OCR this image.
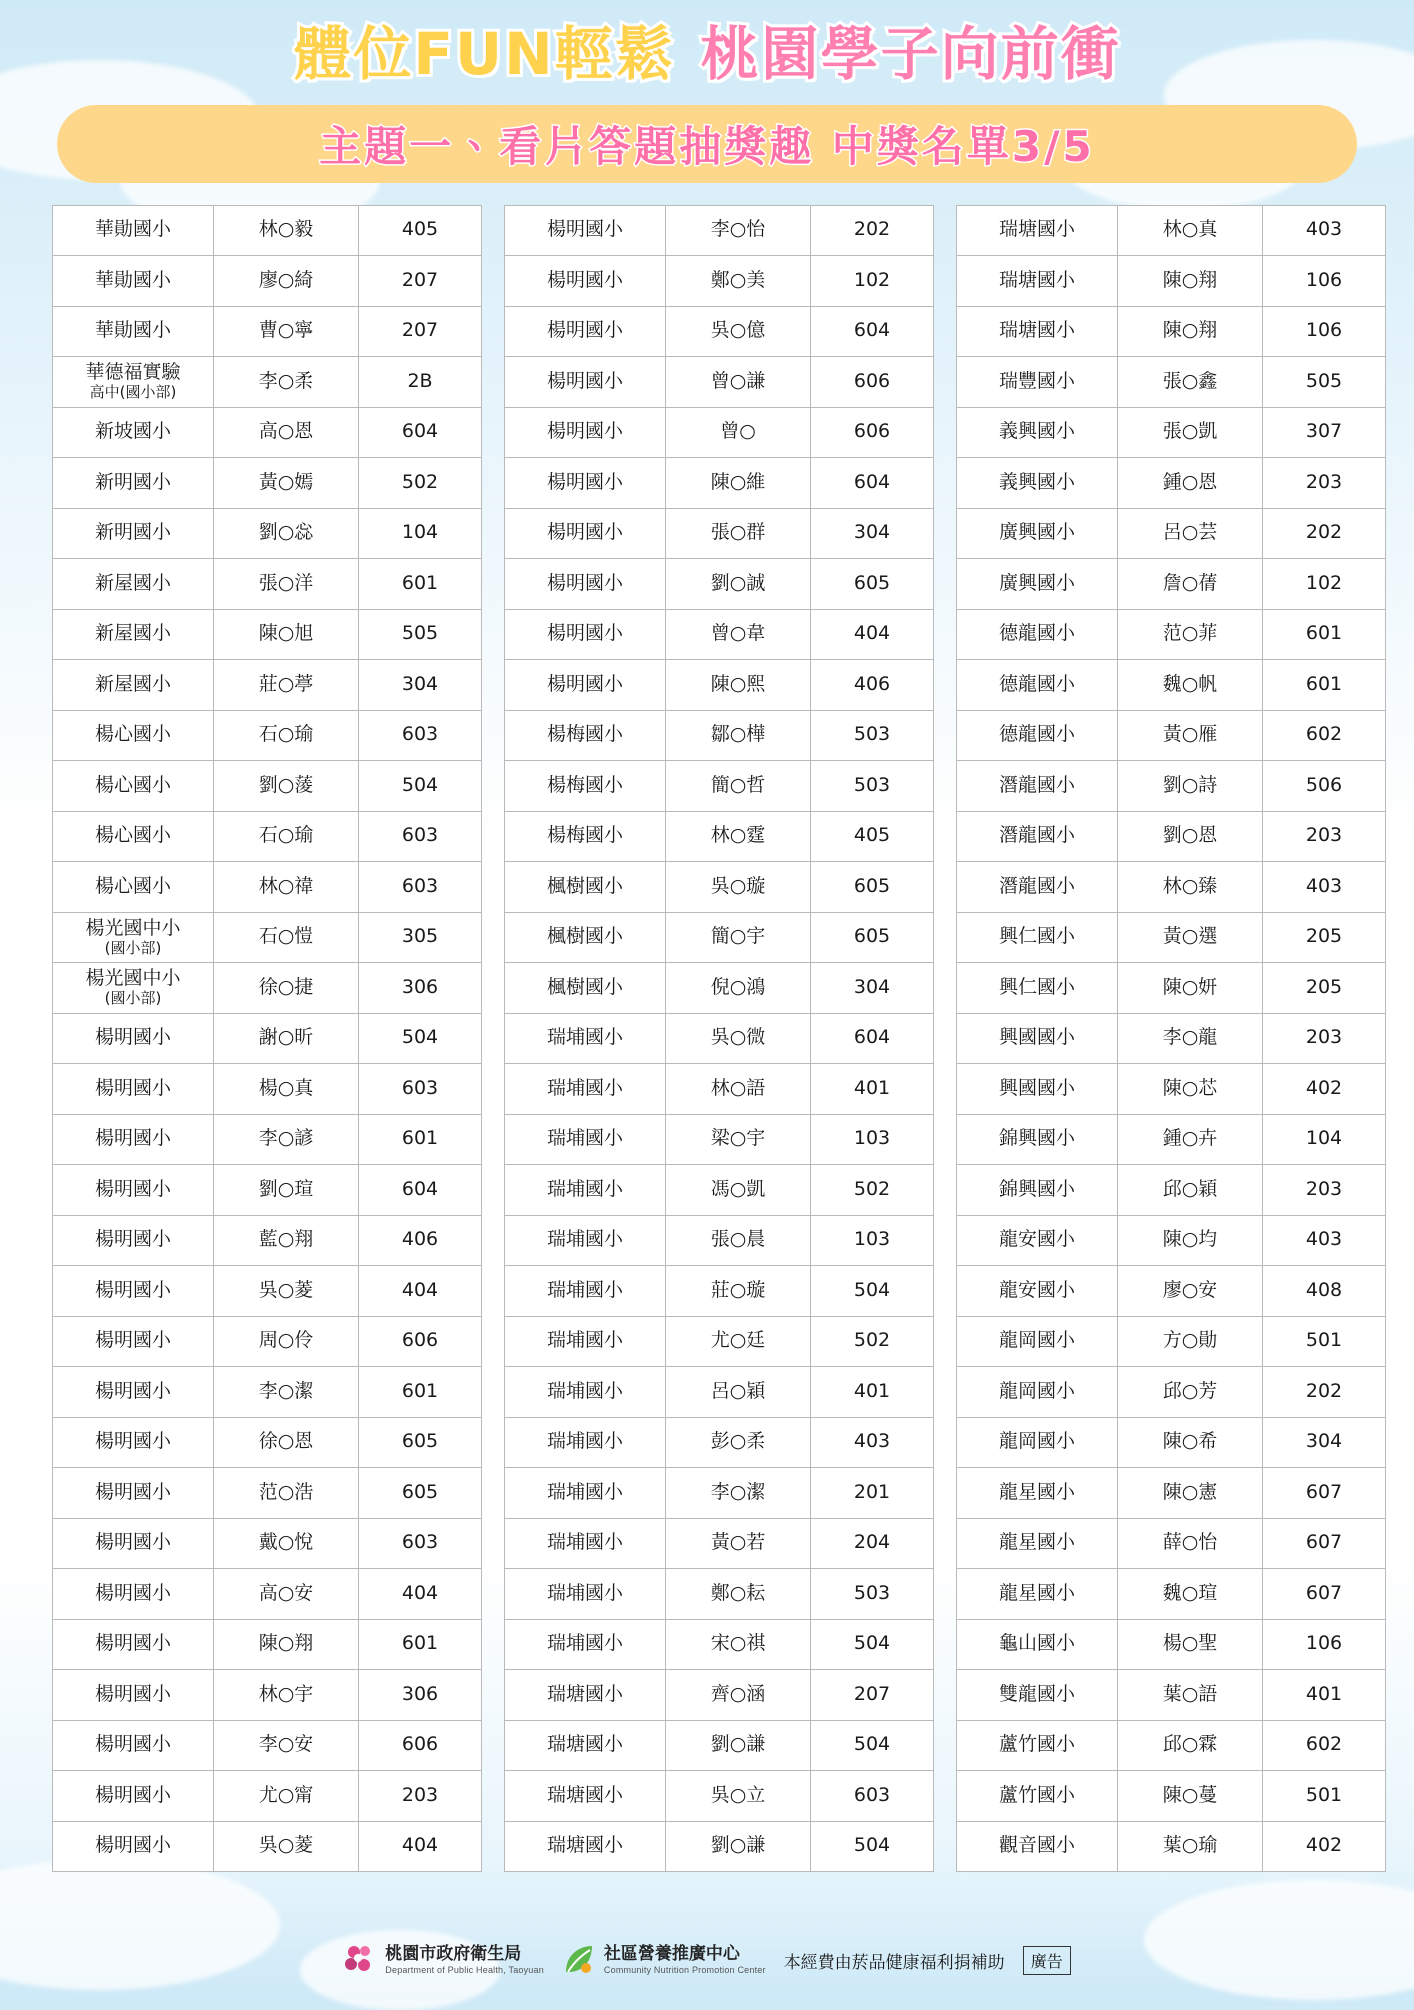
體位FUN輕鬆 桃園學子向前衝
主題一、看片答題抽獎趣 中獎名單3/5
華勛國小	林○毅	405
華勛國小	廖○綺	207
華勛國小	曹○寧	207
華德福實驗
高中(國小部)	李○柔	2B
新坡國小	高○恩	604
新明國小	黃○嫣	502
新明國小	劉○惢	104
新屋國小	張○洋	601
新屋國小	陳○旭	505
新屋國小	莊○葶	304
楊心國小	石○瑜	603
楊心國小	劉○蔆	504
楊心國小	石○瑜	603
楊心國小	林○禕	603
楊光國中小
(國小部)	石○愷	305
楊光國中小
(國小部)	徐○捷	306
楊明國小	謝○昕	504
楊明國小	楊○真	603
楊明國小	李○諺	601
楊明國小	劉○瑄	604
楊明國小	藍○翔	406
楊明國小	吳○菱	404
楊明國小	周○伶	606
楊明國小	李○潔	601
楊明國小	徐○恩	605
楊明國小	范○浩	605
楊明國小	戴○悅	603
楊明國小	高○安	404
楊明國小	陳○翔	601
楊明國小	林○宇	306
楊明國小	李○安	606
楊明國小	尤○甯	203
楊明國小	吳○菱	404
楊明國小	李○怡	202
楊明國小	鄭○美	102
楊明國小	吳○億	604
楊明國小	曾○謙	606
楊明國小	曾○	606
楊明國小	陳○維	604
楊明國小	張○群	304
楊明國小	劉○誠	605
楊明國小	曾○韋	404
楊明國小	陳○熙	406
楊梅國小	鄒○樺	503
楊梅國小	簡○哲	503
楊梅國小	林○霆	405
楓樹國小	吳○璇	605
楓樹國小	簡○宇	605
楓樹國小	倪○鴻	304
瑞埔國小	吳○微	604
瑞埔國小	林○語	401
瑞埔國小	梁○宇	103
瑞埔國小	馮○凱	502
瑞埔國小	張○晨	103
瑞埔國小	莊○璇	504
瑞埔國小	尤○廷	502
瑞埔國小	呂○穎	401
瑞埔國小	彭○柔	403
瑞埔國小	李○潔	201
瑞埔國小	黃○若	204
瑞埔國小	鄭○耘	503
瑞埔國小	宋○祺	504
瑞塘國小	齊○涵	207
瑞塘國小	劉○謙	504
瑞塘國小	吳○立	603
瑞塘國小	劉○謙	504
瑞塘國小	林○真	403
瑞塘國小	陳○翔	106
瑞塘國小	陳○翔	106
瑞豐國小	張○鑫	505
義興國小	張○凱	307
義興國小	鍾○恩	203
廣興國小	呂○芸	202
廣興國小	詹○蒨	102
德龍國小	范○菲	601
德龍國小	魏○帆	601
德龍國小	黃○雁	602
潛龍國小	劉○詩	506
潛龍國小	劉○恩	203
潛龍國小	林○臻	403
興仁國小	黃○選	205
興仁國小	陳○妍	205
興國國小	李○龍	203
興國國小	陳○芯	402
錦興國小	鍾○卉	104
錦興國小	邱○穎	203
龍安國小	陳○均	403
龍安國小	廖○安	408
龍岡國小	方○勛	501
龍岡國小	邱○芳	202
龍岡國小	陳○希	304
龍星國小	陳○憲	607
龍星國小	薛○怡	607
龍星國小	魏○瑄	607
龜山國小	楊○聖	106
雙龍國小	葉○語	401
蘆竹國小	邱○霖	602
蘆竹國小	陳○蔓	501
觀音國小	葉○瑜	402
桃園市政府衛生局
Department of Public Health, Taoyuan
社區營養推廣中心
Community Nutrition Promotion Center 本經費由菸品健康福利捐補助	廣告
